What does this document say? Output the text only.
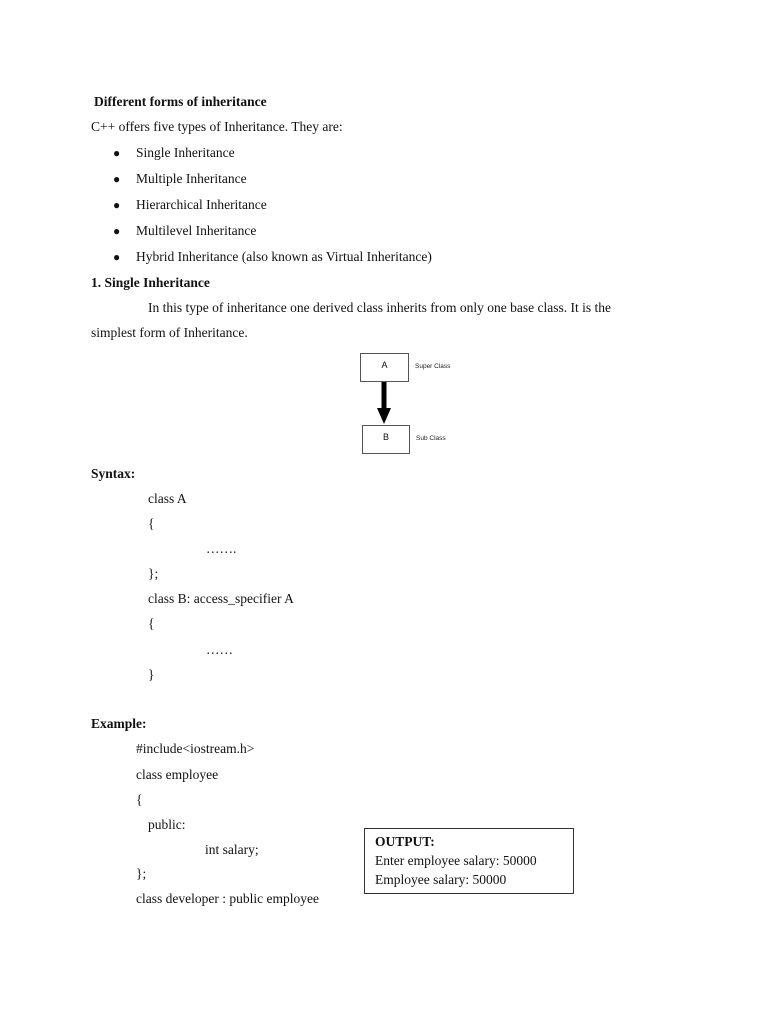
Different forms of inheritance
C++ offers five types of Inheritance. They are:
● Single Inheritance
● Multiple Inheritance
● Hierarchical Inheritance
● Multilevel Inheritance
● Hybrid Inheritance (also known as Virtual Inheritance)
1. Single Inheritance
In this type of inheritance one derived class inherits from only one base class. It is the
simplest form of Inheritance.
A	Super Class
B	Sub Class
Syntax:
class A
{
…….
};
class B: access_specifier A
{
……
}
Example:
#include<iostream.h>
class employee
{
public:
int salary;
};
class developer : public employee
OUTPUT:
Enter employee salary: 50000
Employee salary: 50000
